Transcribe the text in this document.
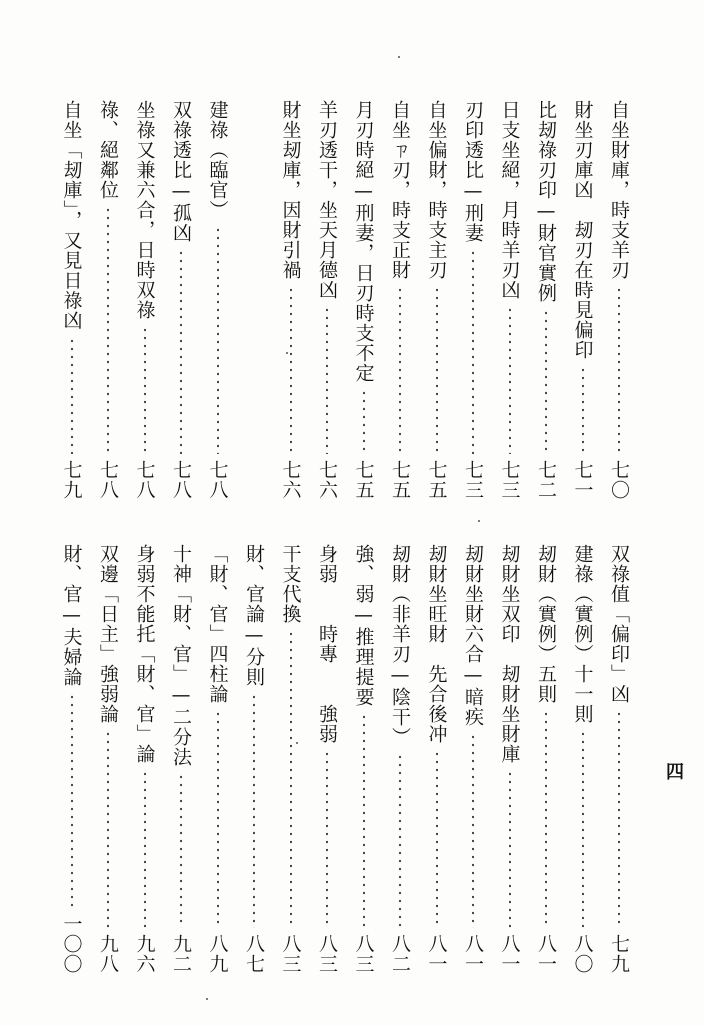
自坐財庫，時支羊刃
七〇
財坐刃庫凶　刼刃在時見偏印
七一
比刼祿刃印—財官實例
七二
日支坐絕，月時羊刃凶
七三
刃印透比—刑妻
七三
自坐偏財，時支主刃
七五
自坐ㄗ刃，時支正財
七五
月刃時絕—刑妻，日刃時支不定
七五
羊刃透干，坐天月德凶
七六
財坐刼庫，因財引禍
七六
建祿（臨官）
七八
双祿透比—孤凶
七八
坐祿又兼六合，日時双祿
七八
祿、絕鄰位
七八
自坐「刼庫」，又見日祿凶
七九
双祿值「偏印」凶
七九
建祿（實例）十一則
八〇
刼財（實例）五則
八一
刼財坐双印　刼財坐財庫
八一
刼財坐財六合—暗疾
八一
刼財坐旺財　先合後冲
八一
刼財（非羊刃—陰干）
八二
強、弱—推理提要
八三
身弱　　時專　　強弱
八三
干支代換
八三
財、官論—分則
八七
「財、官」四柱論
八九
十神「財、官」—二分法
九二
身弱不能托「財、官」論
九六
双邊「日主」強弱論
九八
財、官—夫婦論
一〇〇
四
